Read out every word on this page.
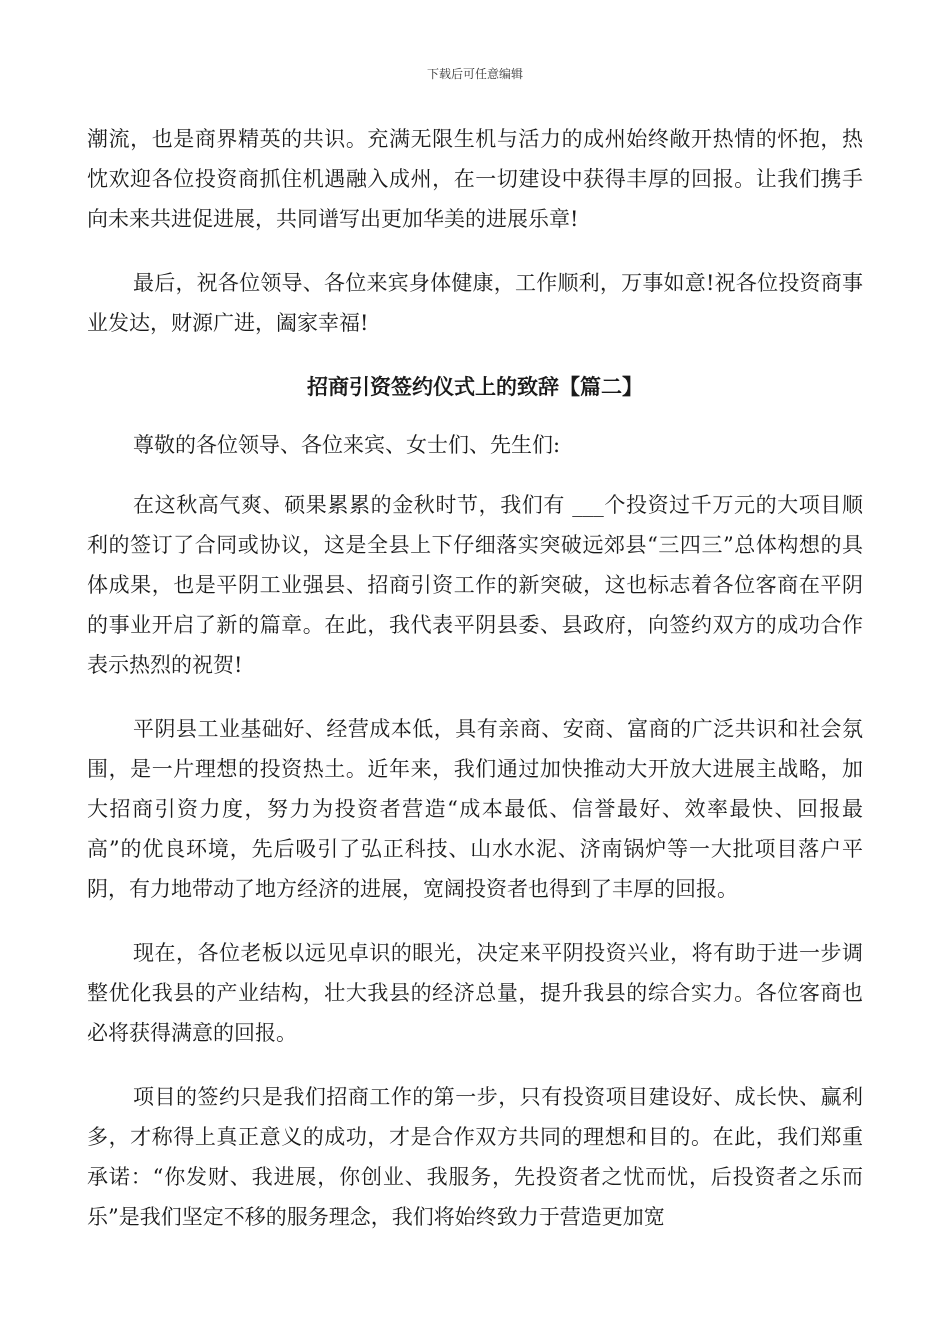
下载后可任意编辑

潮流，也是商界精英的共识。充满无限生机与活力的成州始终敞开热情的怀抱，热忱欢迎各位投资商抓住机遇融入成州，在一切建设中获得丰厚的回报。让我们携手向未来共进促进展，共同谱写出更加华美的进展乐章!

最后，祝各位领导、各位来宾身体健康，工作顺利，万事如意!祝各位投资商事业发达，财源广进，阖家幸福!

招商引资签约仪式上的致辞【篇二】

尊敬的各位领导、各位来宾、女士们、先生们:

在这秋高气爽、硕果累累的金秋时节，我们有 ___个投资过千万元的大项目顺利的签订了合同或协议，这是全县上下仔细落实突破远郊县“三四三”总体构想的具体成果，也是平阴工业强县、招商引资工作的新突破，这也标志着各位客商在平阴的事业开启了新的篇章。在此，我代表平阴县委、县政府，向签约双方的成功合作表示热烈的祝贺!

平阴县工业基础好、经营成本低，具有亲商、安商、富商的广泛共识和社会氛围，是一片理想的投资热土。近年来，我们通过加快推动大开放大进展主战略，加大招商引资力度，努力为投资者营造“成本最低、信誉最好、效率最快、回报最高”的优良环境，先后吸引了弘正科技、山水水泥、济南锅炉等一大批项目落户平阴，有力地带动了地方经济的进展，宽阔投资者也得到了丰厚的回报。

现在，各位老板以远见卓识的眼光，决定来平阴投资兴业，将有助于进一步调整优化我县的产业结构，壮大我县的经济总量，提升我县的综合实力。各位客商也必将获得满意的回报。

项目的签约只是我们招商工作的第一步，只有投资项目建设好、成长快、赢利多，才称得上真正意义的成功，才是合作双方共同的理想和目的。在此，我们郑重承诺：“你发财、我进展，你创业、我服务，先投资者之忧而忧，后投资者之乐而乐”是我们坚定不移的服务理念，我们将始终致力于营造更加宽
